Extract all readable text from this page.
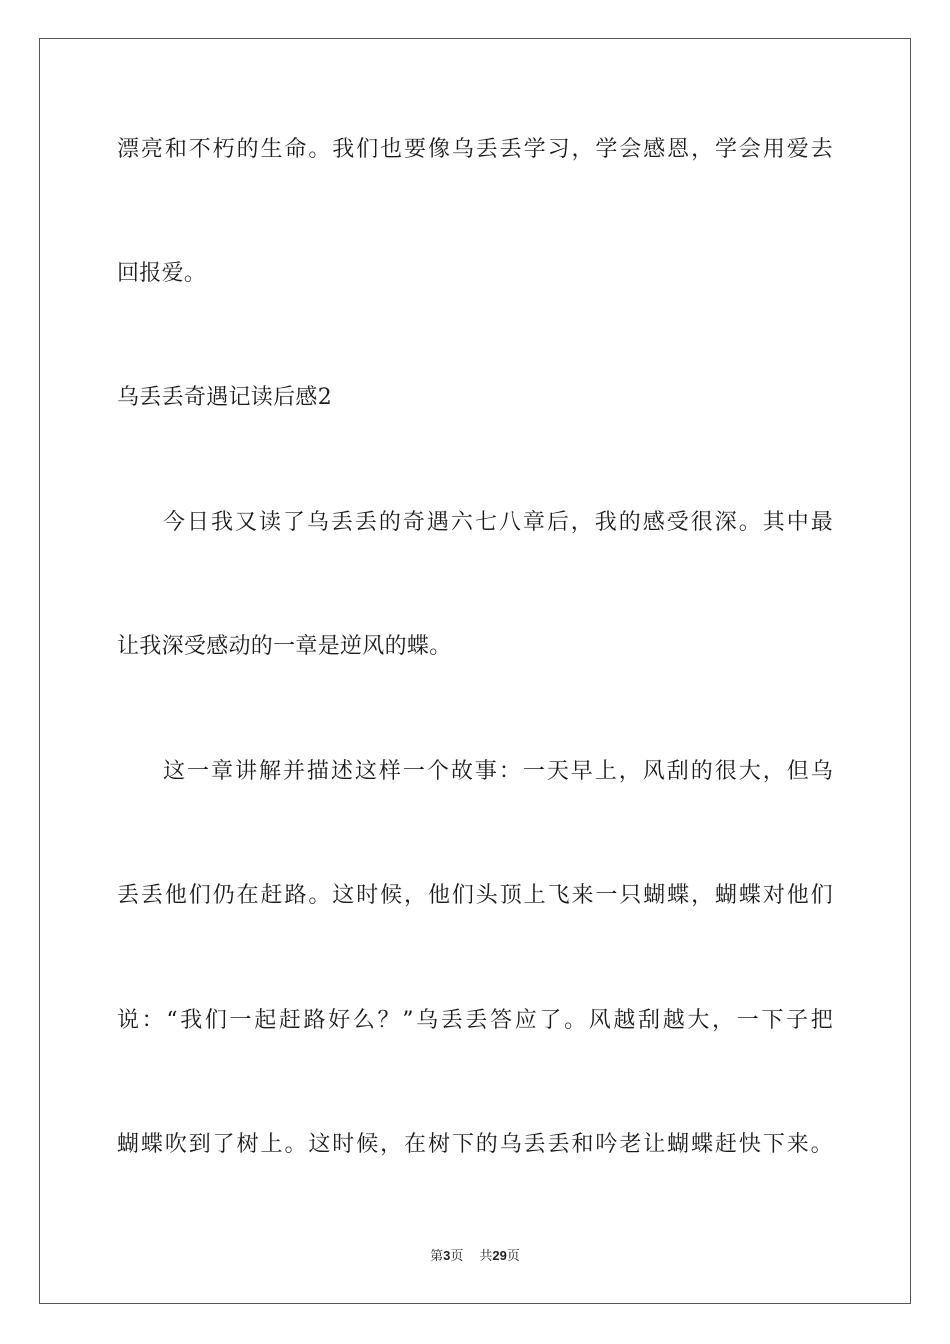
漂亮和不朽的生命。我们也要像乌丢丢学习，学会感恩，学会用爱去
回报爱。
乌丢丢奇遇记读后感2
今日我又读了乌丢丢的奇遇六七八章后，我的感受很深。其中最
让我深受感动的一章是逆风的蝶。
这一章讲解并描述这样一个故事：一天早上，风刮的很大，但乌
丢丢他们仍在赶路。这时候，他们头顶上飞来一只蝴蝶，蝴蝶对他们
说：“我们一起赶路好么？”乌丢丢答应了。风越刮越大，一下子把
蝴蝶吹到了树上。这时候，在树下的乌丢丢和吟老让蝴蝶赶快下来。
第3页 共29页
